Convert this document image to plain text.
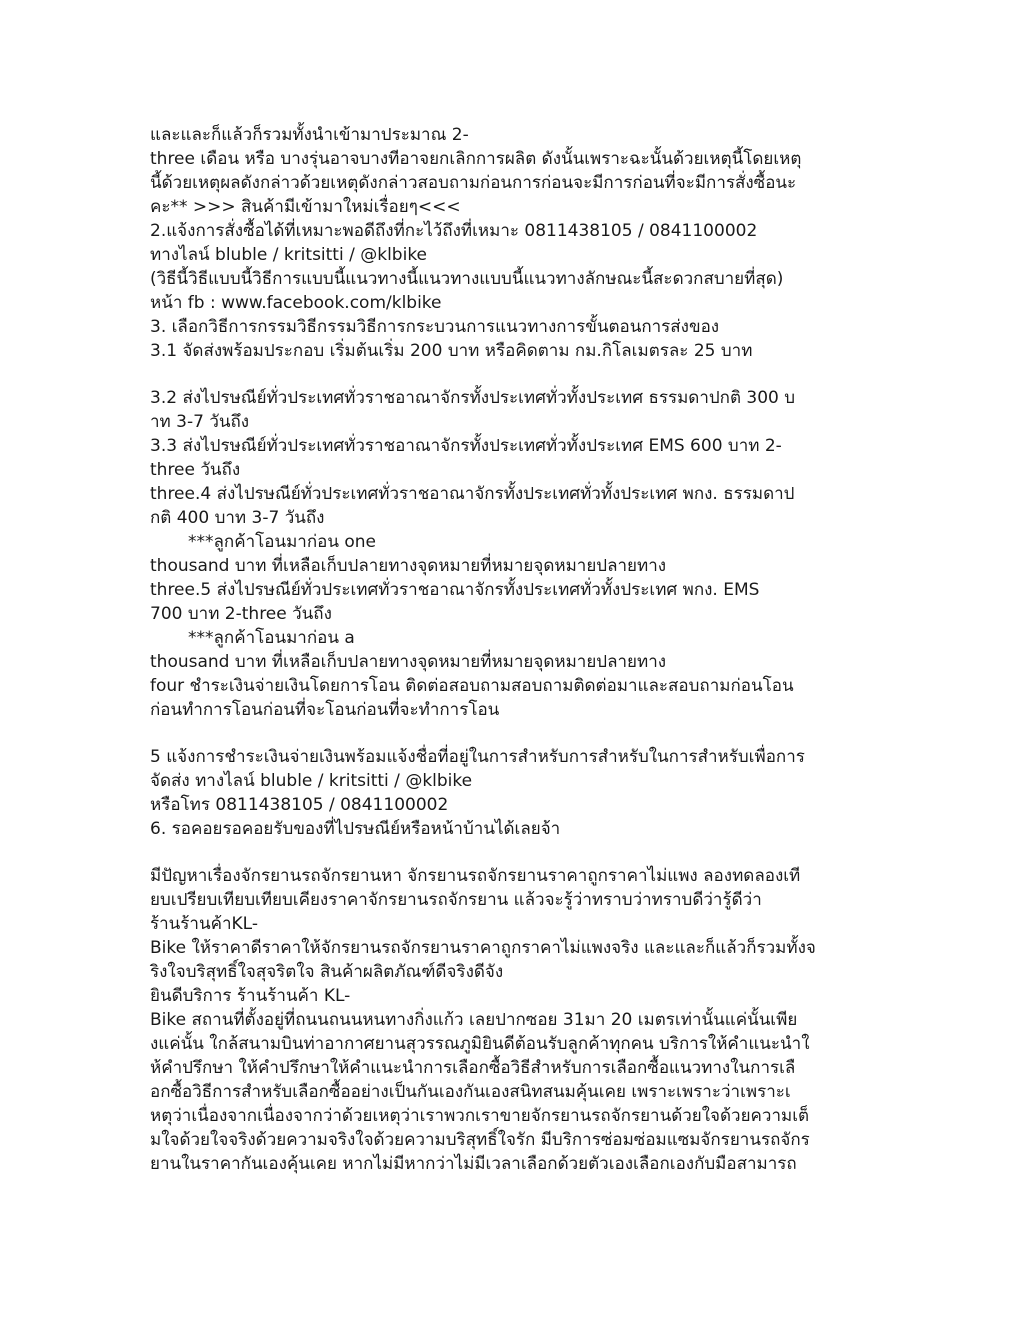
และและก็แล้วก็รวมทั้งนำเข้ามาประมาณ 2-
three เดือน หรือ บางรุ่นอาจบางทีอาจยกเลิกการผลิต ดังนั้นเพราะฉะนั้นด้วยเหตุนี้โดยเหตุ
นี้ด้วยเหตุผลดังกล่าวด้วยเหตุดังกล่าวสอบถามก่อนการก่อนจะมีการก่อนที่จะมีการสั่งซื้อนะ
คะ** >>> สินค้ามีเข้ามาใหม่เรื่อยๆ<<<
2.แจ้งการสั่งซื้อได้ที่เหมาะพอดีถึงที่กะไว้ถึงที่เหมาะ 0811438105 / 0841100002
ทางไลน์ bluble / kritsitti / @klbike
(วิธีนี้วิธีแบบนี้วิธีการแบบนี้แนวทางนี้แนวทางแบบนี้แนวทางลักษณะนี้สะดวกสบายที่สุด)
หน้า fb : www.facebook.com/klbike
3. เลือกวิธีการกรรมวิธีกรรมวิธีการกระบวนการแนวทางการขั้นตอนการส่งของ
3.1 จัดส่งพร้อมประกอบ เริ่มต้นเริ่ม 200 บาท หรือคิดตาม กม.กิโลเมตรละ 25 บาท
3.2 ส่งไปรษณีย์ทั่วประเทศทั่วราชอาณาจักรทั้งประเทศทั่วทั้งประเทศ ธรรมดาปกติ 300 บ
าท 3-7 วันถึง
3.3 ส่งไปรษณีย์ทั่วประเทศทั่วราชอาณาจักรทั้งประเทศทั่วทั้งประเทศ EMS 600 บาท 2-
three วันถึง
three.4 ส่งไปรษณีย์ทั่วประเทศทั่วราชอาณาจักรทั้งประเทศทั่วทั้งประเทศ พกง. ธรรมดาป
กติ 400 บาท 3-7 วันถึง
***ลูกค้าโอนมาก่อน one
thousand บาท ที่เหลือเก็บปลายทางจุดหมายที่หมายจุดหมายปลายทาง
three.5 ส่งไปรษณีย์ทั่วประเทศทั่วราชอาณาจักรทั้งประเทศทั่วทั้งประเทศ พกง. EMS
700 บาท 2-three วันถึง
***ลูกค้าโอนมาก่อน a
thousand บาท ที่เหลือเก็บปลายทางจุดหมายที่หมายจุดหมายปลายทาง
four ชำระเงินจ่ายเงินโดยการโอน ติดต่อสอบถามสอบถามติดต่อมาและสอบถามก่อนโอน
ก่อนทำการโอนก่อนที่จะโอนก่อนที่จะทำการโอน
5 แจ้งการชำระเงินจ่ายเงินพร้อมแจ้งชื่อที่อยู่ในการสำหรับการสำหรับในการสำหรับเพื่อการ
จัดส่ง ทางไลน์ bluble / kritsitti / @klbike
หรือโทร 0811438105 / 0841100002
6. รอคอยรอคอยรับของที่ไปรษณีย์หรือหน้าบ้านได้เลยจ้า
มีปัญหาเรื่องจักรยานรถจักรยานหา จักรยานรถจักรยานราคาถูกราคาไม่แพง ลองทดลองเที
ยบเปรียบเทียบเทียบเคียงราคาจักรยานรถจักรยาน แล้วจะรู้ว่าทราบว่าทราบดีว่ารู้ดีว่า
ร้านร้านค้าKL-
Bike ให้ราคาดีราคาให้จักรยานรถจักรยานราคาถูกราคาไม่แพงจริง และและก็แล้วก็รวมทั้งจ
ริงใจบริสุทธิ์ใจสุจริตใจ สินค้าผลิตภัณฑ์ดีจริงดีจัง
ยินดีบริการ ร้านร้านค้า KL-
Bike สถานที่ตั้งอยู่ที่ถนนถนนหนทางกิ่งแก้ว เลยปากซอย 31มา 20 เมตรเท่านั้นแค่นั้นเพีย
งแค่นั้น ใกล้สนามบินท่าอากาศยานสุวรรณภูมิยินดีต้อนรับลูกค้าทุกคน บริการให้คำแนะนำใ
ห้คำปรึกษา ให้คำปรึกษาให้คำแนะนำการเลือกซื้อวิธีสำหรับการเลือกซื้อแนวทางในการเลื
อกซื้อวิธีการสำหรับเลือกซื้ออย่างเป็นกันเองกันเองสนิทสนมคุ้นเคย เพราะเพราะว่าเพราะเ
หตุว่าเนื่องจากเนื่องจากว่าด้วยเหตุว่าเราพวกเราขายจักรยานรถจักรยานด้วยใจด้วยความเต็
มใจด้วยใจจริงด้วยความจริงใจด้วยความบริสุทธิ์ใจรัก มีบริการซ่อมซ่อมแซมจักรยานรถจักร
ยานในราคากันเองคุ้นเคย หากไม่มีหากว่าไม่มีเวลาเลือกด้วยตัวเองเลือกเองกับมือสามารถ
